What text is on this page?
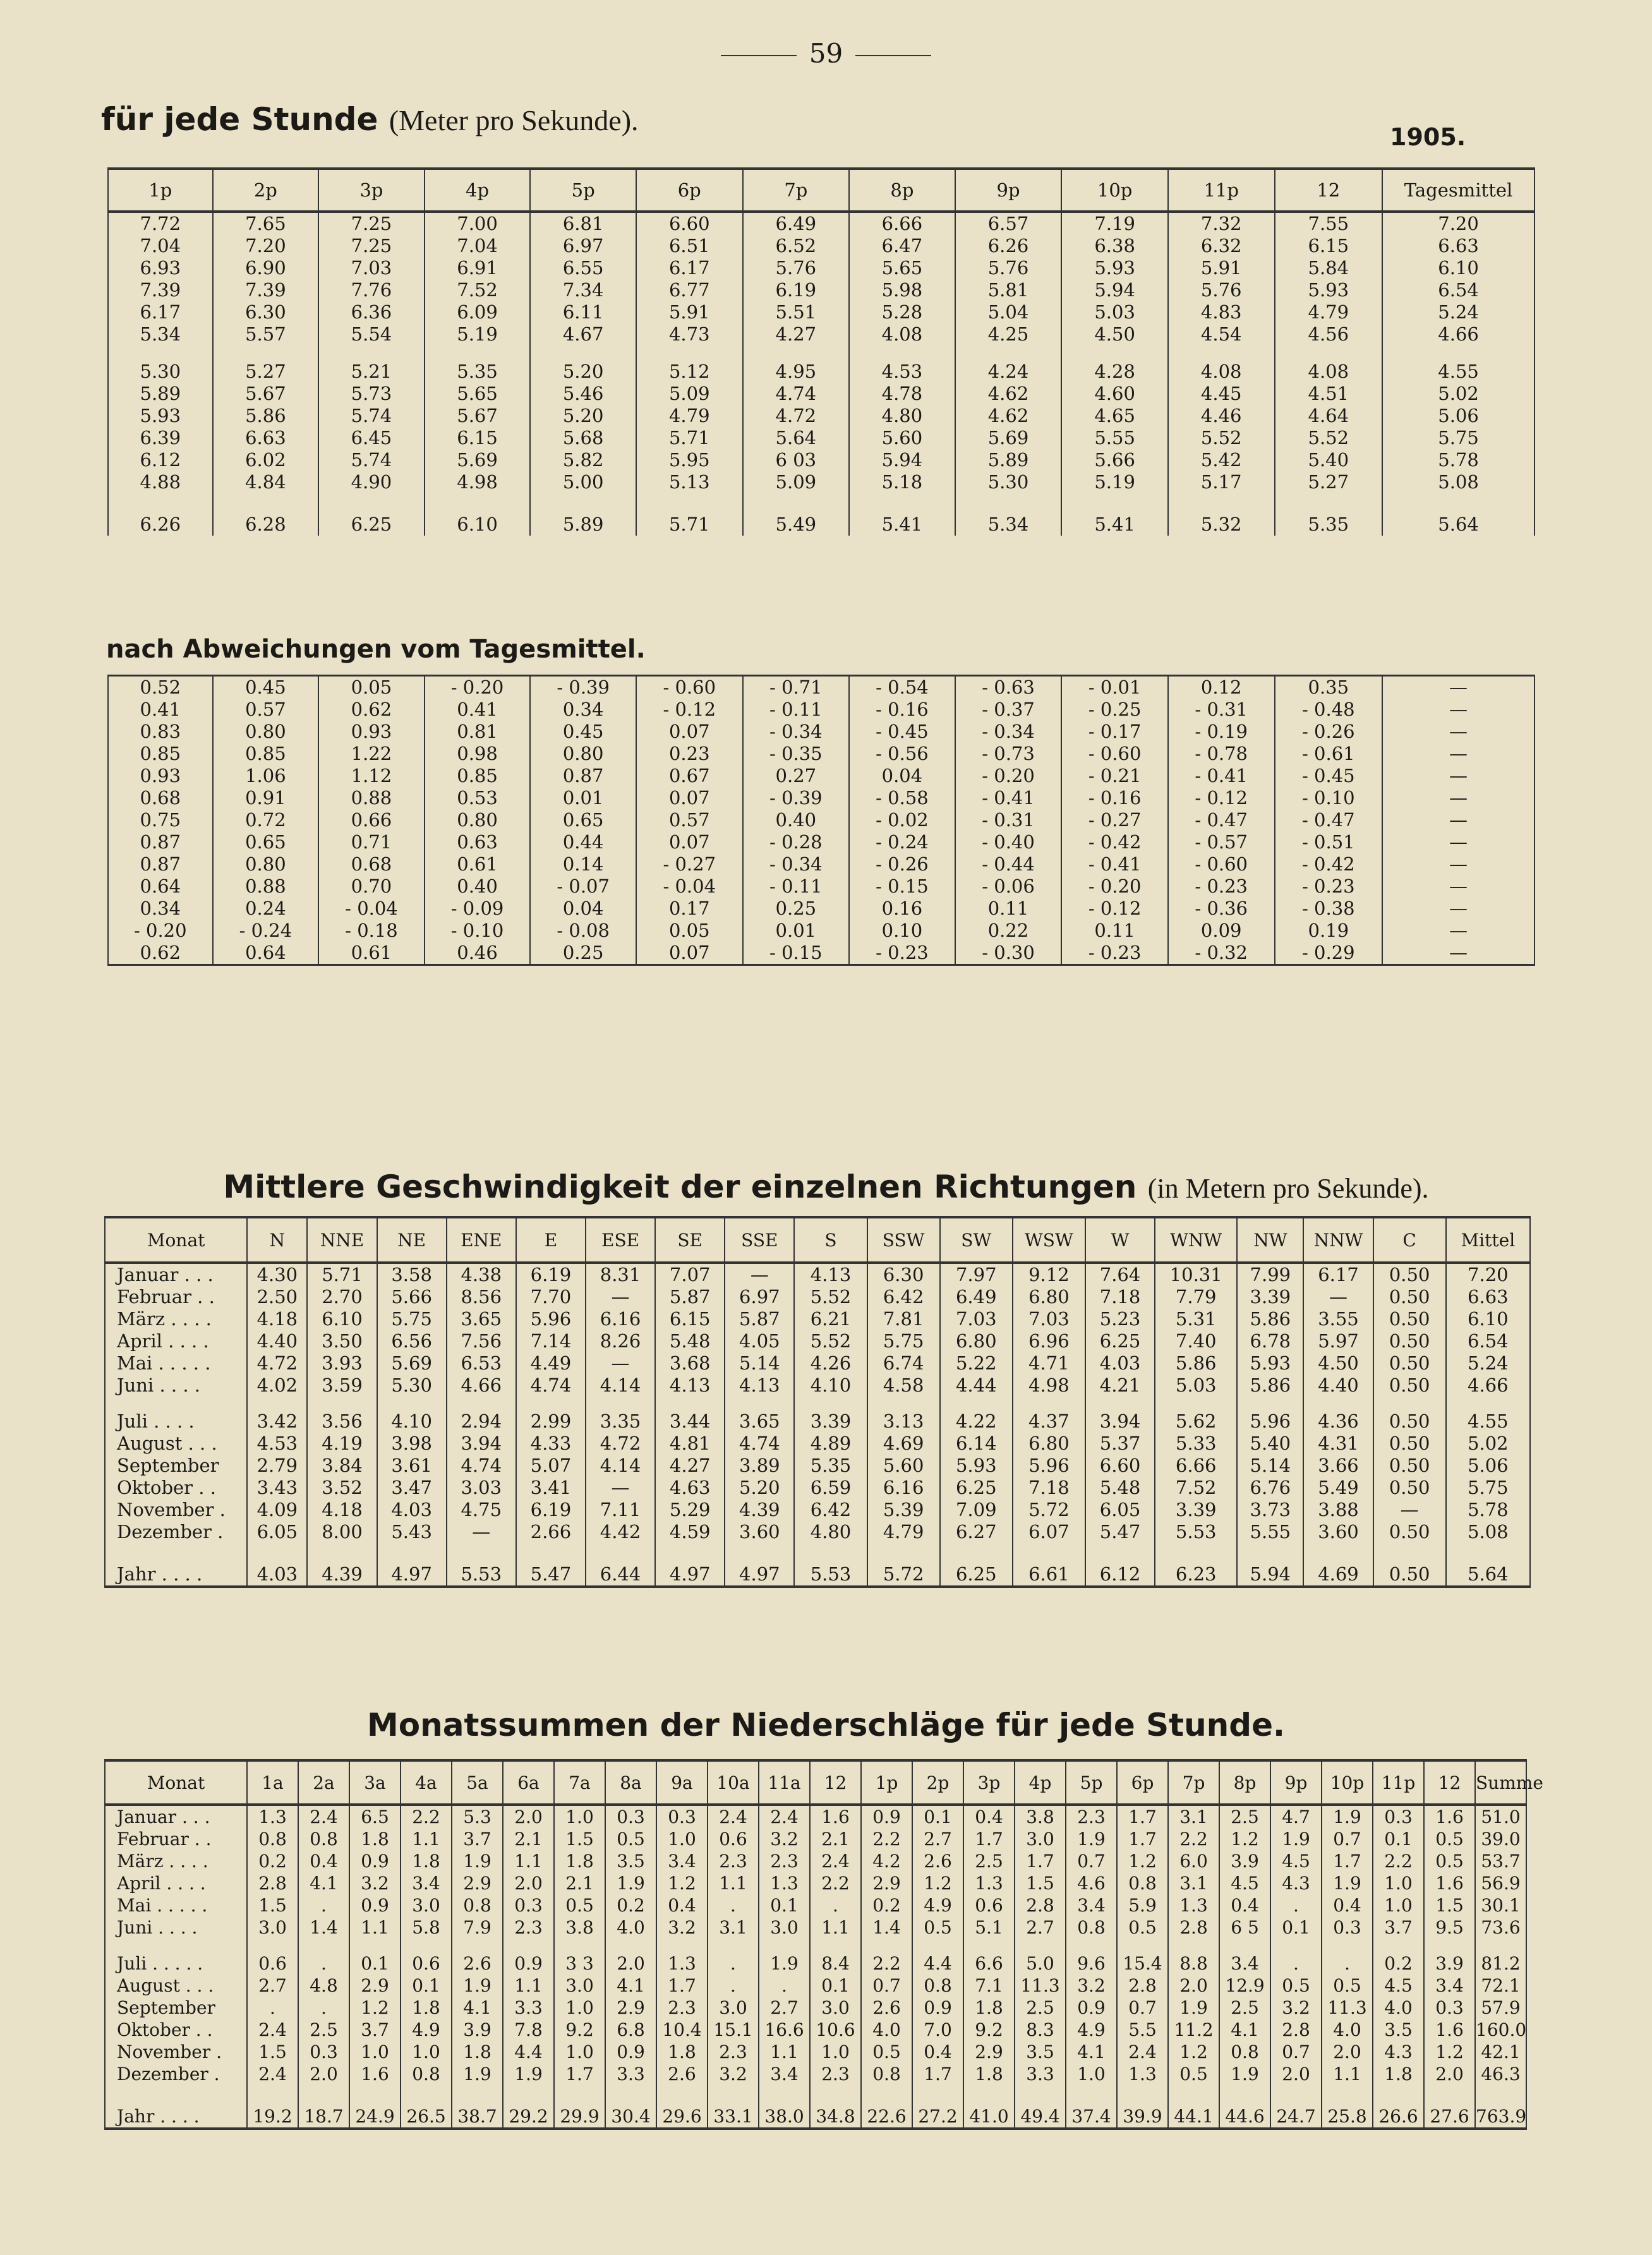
59
für jede Stunde (Meter pro Sekunde).
1905.
1p	2p	3p	4p	5p	6p	7p	8p	9p	10p	11p	12	Tagesmittel
7.72	7.65	7.25	7.00	6.81	6.60	6.49	6.66	6.57	7.19	7.32	7.55	7.20
7.04	7.20	7.25	7.04	6.97	6.51	6.52	6.47	6.26	6.38	6.32	6.15	6.63
6.93	6.90	7.03	6.91	6.55	6.17	5.76	5.65	5.76	5.93	5.91	5.84	6.10
7.39	7.39	7.76	7.52	7.34	6.77	6.19	5.98	5.81	5.94	5.76	5.93	6.54
6.17	6.30	6.36	6.09	6.11	5.91	5.51	5.28	5.04	5.03	4.83	4.79	5.24
5.34	5.57	5.54	5.19	4.67	4.73	4.27	4.08	4.25	4.50	4.54	4.56	4.66

5.30	5.27	5.21	5.35	5.20	5.12	4.95	4.53	4.24	4.28	4.08	4.08	4.55
5.89	5.67	5.73	5.65	5.46	5.09	4.74	4.78	4.62	4.60	4.45	4.51	5.02
5.93	5.86	5.74	5.67	5.20	4.79	4.72	4.80	4.62	4.65	4.46	4.64	5.06
6.39	6.63	6.45	6.15	5.68	5.71	5.64	5.60	5.69	5.55	5.52	5.52	5.75
6.12	6.02	5.74	5.69	5.82	5.95	6 03	5.94	5.89	5.66	5.42	5.40	5.78
4.88	4.84	4.90	4.98	5.00	5.13	5.09	5.18	5.30	5.19	5.17	5.27	5.08

6.26	6.28	6.25	6.10	5.89	5.71	5.49	5.41	5.34	5.41	5.32	5.35	5.64
nach Abweichungen vom Tagesmittel.
0.52	0.45	0.05	- 0.20	- 0.39	- 0.60	- 0.71	- 0.54	- 0.63	- 0.01	0.12	0.35	—
0.41	0.57	0.62	0.41	0.34	- 0.12	- 0.11	- 0.16	- 0.37	- 0.25	- 0.31	- 0.48	—
0.83	0.80	0.93	0.81	0.45	0.07	- 0.34	- 0.45	- 0.34	- 0.17	- 0.19	- 0.26	—
0.85	0.85	1.22	0.98	0.80	0.23	- 0.35	- 0.56	- 0.73	- 0.60	- 0.78	- 0.61	—
0.93	1.06	1.12	0.85	0.87	0.67	0.27	0.04	- 0.20	- 0.21	- 0.41	- 0.45	—
0.68	0.91	0.88	0.53	0.01	0.07	- 0.39	- 0.58	- 0.41	- 0.16	- 0.12	- 0.10	—

0.75	0.72	0.66	0.80	0.65	0.57	0.40	- 0.02	- 0.31	- 0.27	- 0.47	- 0.47	—
0.87	0.65	0.71	0.63	0.44	0.07	- 0.28	- 0.24	- 0.40	- 0.42	- 0.57	- 0.51	—
0.87	0.80	0.68	0.61	0.14	- 0.27	- 0.34	- 0.26	- 0.44	- 0.41	- 0.60	- 0.42	—
0.64	0.88	0.70	0.40	- 0.07	- 0.04	- 0.11	- 0.15	- 0.06	- 0.20	- 0.23	- 0.23	—
0.34	0.24	- 0.04	- 0.09	0.04	0.17	0.25	0.16	0.11	- 0.12	- 0.36	- 0.38	—
- 0.20	- 0.24	- 0.18	- 0.10	- 0.08	0.05	0.01	0.10	0.22	0.11	0.09	0.19	—

0.62	0.64	0.61	0.46	0.25	0.07	- 0.15	- 0.23	- 0.30	- 0.23	- 0.32	- 0.29	—
Mittlere Geschwindigkeit der einzelnen Richtungen (in Metern pro Sekunde).
Monat	N	NNE	NE	ENE	E	ESE	SE	SSE	S	SSW	SW	WSW	W	WNW	NW	NNW	C	Mittel
Januar . . .	4.30	5.71	3.58	4.38	6.19	8.31	7.07	—	4.13	6.30	7.97	9.12	7.64	10.31	7.99	6.17	0.50	7.20
Februar . .	2.50	2.70	5.66	8.56	7.70	—	5.87	6.97	5.52	6.42	6.49	6.80	7.18	7.79	3.39	—	0.50	6.63
März . . . .	4.18	6.10	5.75	3.65	5.96	6.16	6.15	5.87	6.21	7.81	7.03	7.03	5.23	5.31	5.86	3.55	0.50	6.10
April . . . .	4.40	3.50	6.56	7.56	7.14	8.26	5.48	4.05	5.52	5.75	6.80	6.96	6.25	7.40	6.78	5.97	0.50	6.54
Mai . . . . .	4.72	3.93	5.69	6.53	4.49	—	3.68	5.14	4.26	6.74	5.22	4.71	4.03	5.86	5.93	4.50	0.50	5.24
Juni . . . .	4.02	3.59	5.30	4.66	4.74	4.14	4.13	4.13	4.10	4.58	4.44	4.98	4.21	5.03	5.86	4.40	0.50	4.66

Juli . . . .	3.42	3.56	4.10	2.94	2.99	3.35	3.44	3.65	3.39	3.13	4.22	4.37	3.94	5.62	5.96	4.36	0.50	4.55
August . . .	4.53	4.19	3.98	3.94	4.33	4.72	4.81	4.74	4.89	4.69	6.14	6.80	5.37	5.33	5.40	4.31	0.50	5.02
September	2.79	3.84	3.61	4.74	5.07	4.14	4.27	3.89	5.35	5.60	5.93	5.96	6.60	6.66	5.14	3.66	0.50	5.06
Oktober . .	3.43	3.52	3.47	3.03	3.41	—	4.63	5.20	6.59	6.16	6.25	7.18	5.48	7.52	6.76	5.49	0.50	5.75
November .	4.09	4.18	4.03	4.75	6.19	7.11	5.29	4.39	6.42	5.39	7.09	5.72	6.05	3.39	3.73	3.88	—	5.78
Dezember .	6.05	8.00	5.43	—	2.66	4.42	4.59	3.60	4.80	4.79	6.27	6.07	5.47	5.53	5.55	3.60	0.50	5.08

Jahr . . . .	4.03	4.39	4.97	5.53	5.47	6.44	4.97	4.97	5.53	5.72	6.25	6.61	6.12	6.23	5.94	4.69	0.50	5.64
Monatssummen der Niederschläge für jede Stunde.
Monat	1a	2a	3a	4a	5a	6a	7a	8a	9a	10a	11a	12	1p	2p	3p	4p	5p	6p	7p	8p	9p	10p	11p	12	Summe
Januar . . .	1.3	2.4	6.5	2.2	5.3	2.0	1.0	0.3	0.3	2.4	2.4	1.6	0.9	0.1	0.4	3.8	2.3	1.7	3.1	2.5	4.7	1.9	0.3	1.6	51.0
Februar . .	0.8	0.8	1.8	1.1	3.7	2.1	1.5	0.5	1.0	0.6	3.2	2.1	2.2	2.7	1.7	3.0	1.9	1.7	2.2	1.2	1.9	0.7	0.1	0.5	39.0
März . . . .	0.2	0.4	0.9	1.8	1.9	1.1	1.8	3.5	3.4	2.3	2.3	2.4	4.2	2.6	2.5	1.7	0.7	1.2	6.0	3.9	4.5	1.7	2.2	0.5	53.7
April . . . .	2.8	4.1	3.2	3.4	2.9	2.0	2.1	1.9	1.2	1.1	1.3	2.2	2.9	1.2	1.3	1.5	4.6	0.8	3.1	4.5	4.3	1.9	1.0	1.6	56.9
Mai . . . . .	1.5	.	0.9	3.0	0.8	0.3	0.5	0.2	0.4	.	0.1	.	0.2	4.9	0.6	2.8	3.4	5.9	1.3	0.4	.	0.4	1.0	1.5	30.1
Juni . . . .	3.0	1.4	1.1	5.8	7.9	2.3	3.8	4.0	3.2	3.1	3.0	1.1	1.4	0.5	5.1	2.7	0.8	0.5	2.8	6 5	0.1	0.3	3.7	9.5	73.6

Juli . . . . .	0.6	.	0.1	0.6	2.6	0.9	3 3	2.0	1.3	.	1.9	8.4	2.2	4.4	6.6	5.0	9.6	15.4	8.8	3.4	.	.	0.2	3.9	81.2
August . . .	2.7	4.8	2.9	0.1	1.9	1.1	3.0	4.1	1.7	.	.	0.1	0.7	0.8	7.1	11.3	3.2	2.8	2.0	12.9	0.5	0.5	4.5	3.4	72.1
September	.	.	1.2	1.8	4.1	3.3	1.0	2.9	2.3	3.0	2.7	3.0	2.6	0.9	1.8	2.5	0.9	0.7	1.9	2.5	3.2	11.3	4.0	0.3	57.9
Oktober . .	2.4	2.5	3.7	4.9	3.9	7.8	9.2	6.8	10.4	15.1	16.6	10.6	4.0	7.0	9.2	8.3	4.9	5.5	11.2	4.1	2.8	4.0	3.5	1.6	160.0
November .	1.5	0.3	1.0	1.0	1.8	4.4	1.0	0.9	1.8	2.3	1.1	1.0	0.5	0.4	2.9	3.5	4.1	2.4	1.2	0.8	0.7	2.0	4.3	1.2	42.1
Dezember .	2.4	2.0	1.6	0.8	1.9	1.9	1.7	3.3	2.6	3.2	3.4	2.3	0.8	1.7	1.8	3.3	1.0	1.3	0.5	1.9	2.0	1.1	1.8	2.0	46.3

Jahr . . . .	19.2	18.7	24.9	26.5	38.7	29.2	29.9	30.4	29.6	33.1	38.0	34.8	22.6	27.2	41.0	49.4	37.4	39.9	44.1	44.6	24.7	25.8	26.6	27.6	763.9
